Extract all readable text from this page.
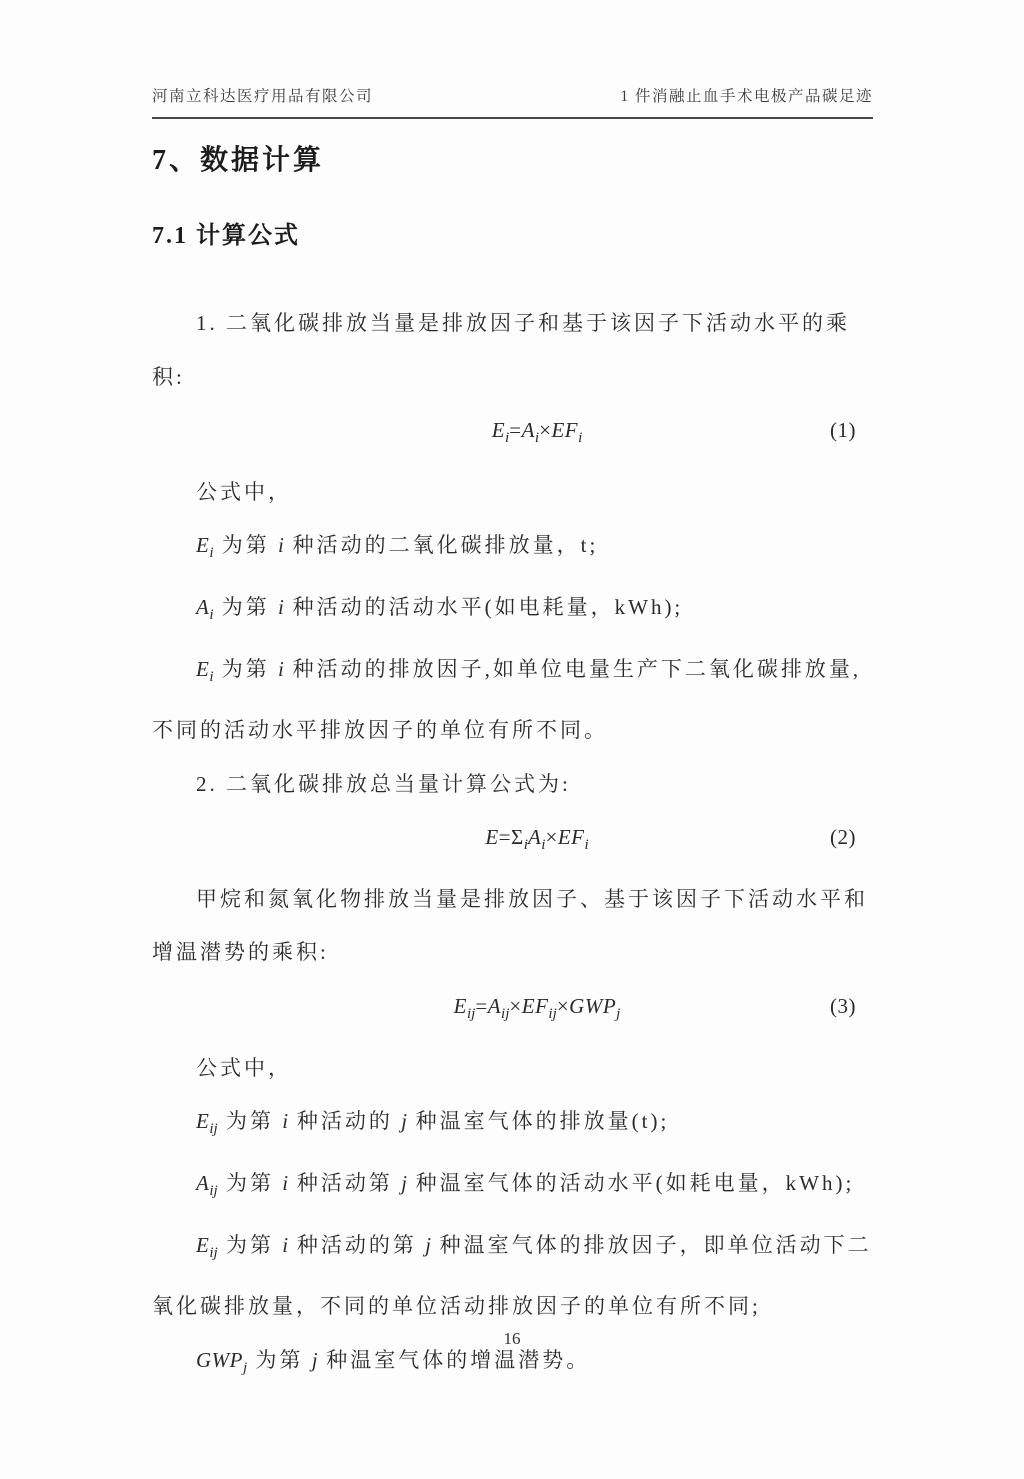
河南立科达医疗用品有限公司	1 件消融止血手术电极产品碳足迹
7、数据计算
7.1 计算公式
1. 二氧化碳排放当量是排放因子和基于该因子下活动水平的乘
积:
$E_i=A_i\times EF_i$	(1)
公式中，
$E_i$ 为第 i 种活动的二氧化碳排放量，t;
$A_i$ 为第 i 种活动的活动水平(如电耗量，kWh);
$E_i$ 为第 i 种活动的排放因子,如单位电量生产下二氧化碳排放量,
不同的活动水平排放因子的单位有所不同。
2. 二氧化碳排放总当量计算公式为:
$E=\Sigma_iA_i\times EF_i$	(2)
甲烷和氮氧化物排放当量是排放因子、基于该因子下活动水平和
增温潜势的乘积:
$E_{ij}=A_{ij}\times EF_{ij}\times GWP_j$	(3)
公式中，
$E_{ij}$ 为第 i 种活动的 j 种温室气体的排放量(t);
$A_{ij}$ 为第 i 种活动第 j 种温室气体的活动水平(如耗电量，kWh);
$E_{ij}$ 为第 i 种活动的第 j 种温室气体的排放因子，即单位活动下二
氧化碳排放量，不同的单位活动排放因子的单位有所不同;
$GWP_j$ 为第 j 种温室气体的增温潜势。
16
